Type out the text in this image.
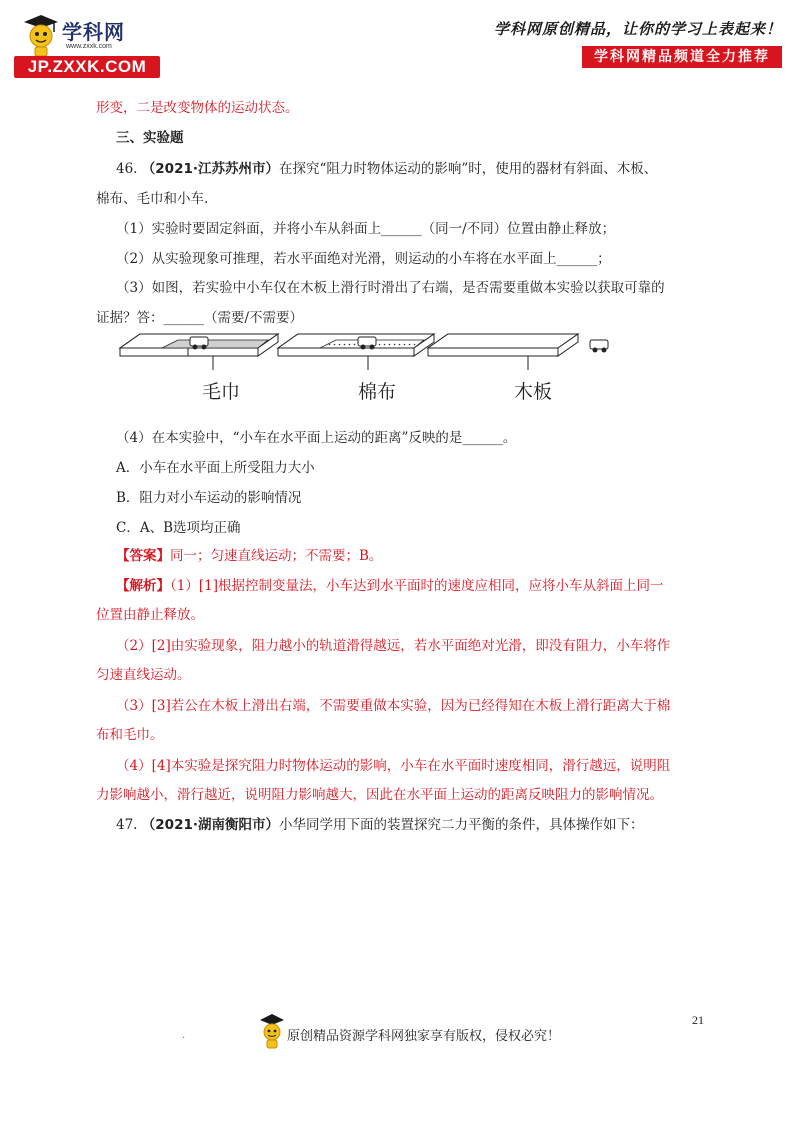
学科网
www.zxxk.com
JP.ZXXK.COM
学科网原创精品，让你的学习上表起来！
学科网精品频道全力推荐
形变，二是改变物体的运动状态。
三、实验题
46. （2021·江苏苏州市）在探究“阻力时物体运动的影响”时，使用的器材有斜面、木板、
棉布、毛巾和小车.
（1）实验时要固定斜面，并将小车从斜面上______（同一/不同）位置由静止释放；
（2）从实验现象可推理，若水平面绝对光滑，则运动的小车将在水平面上______；
（3）如图，若实验中小车仅在木板上滑行时滑出了右端，是否需要重做本实验以获取可靠的
证据？答：______（需要/不需要）
毛巾	棉布	木板
（4）在本实验中，“小车在水平面上运动的距离”反映的是______。
A．小车在水平面上所受阻力大小
B．阻力对小车运动的影响情况
C．A、B选项均正确
【答案】同一；匀速直线运动；不需要；B。
【解析】（1）[1]根据控制变量法，小车达到水平面时的速度应相同，应将小车从斜面上同一
位置由静止释放。
（2）[2]由实验现象，阻力越小的轨道滑得越远，若水平面绝对光滑，即没有阻力，小车将作
匀速直线运动。
（3）[3]若公在木板上滑出右端，不需要重做本实验，因为已经得知在木板上滑行距离大于棉
布和毛巾。
（4）[4]本实验是探究阻力时物体运动的影响，小车在水平面时速度相同，滑行越远，说明阻
力影响越小，滑行越近，说明阻力影响越大，因此在水平面上运动的距离反映阻力的影响情况。
47. （2021·湖南衡阳市）小华同学用下面的装置探究二力平衡的条件，具体操作如下：
21
.	原创精品资源学科网独家享有版权，侵权必究！
